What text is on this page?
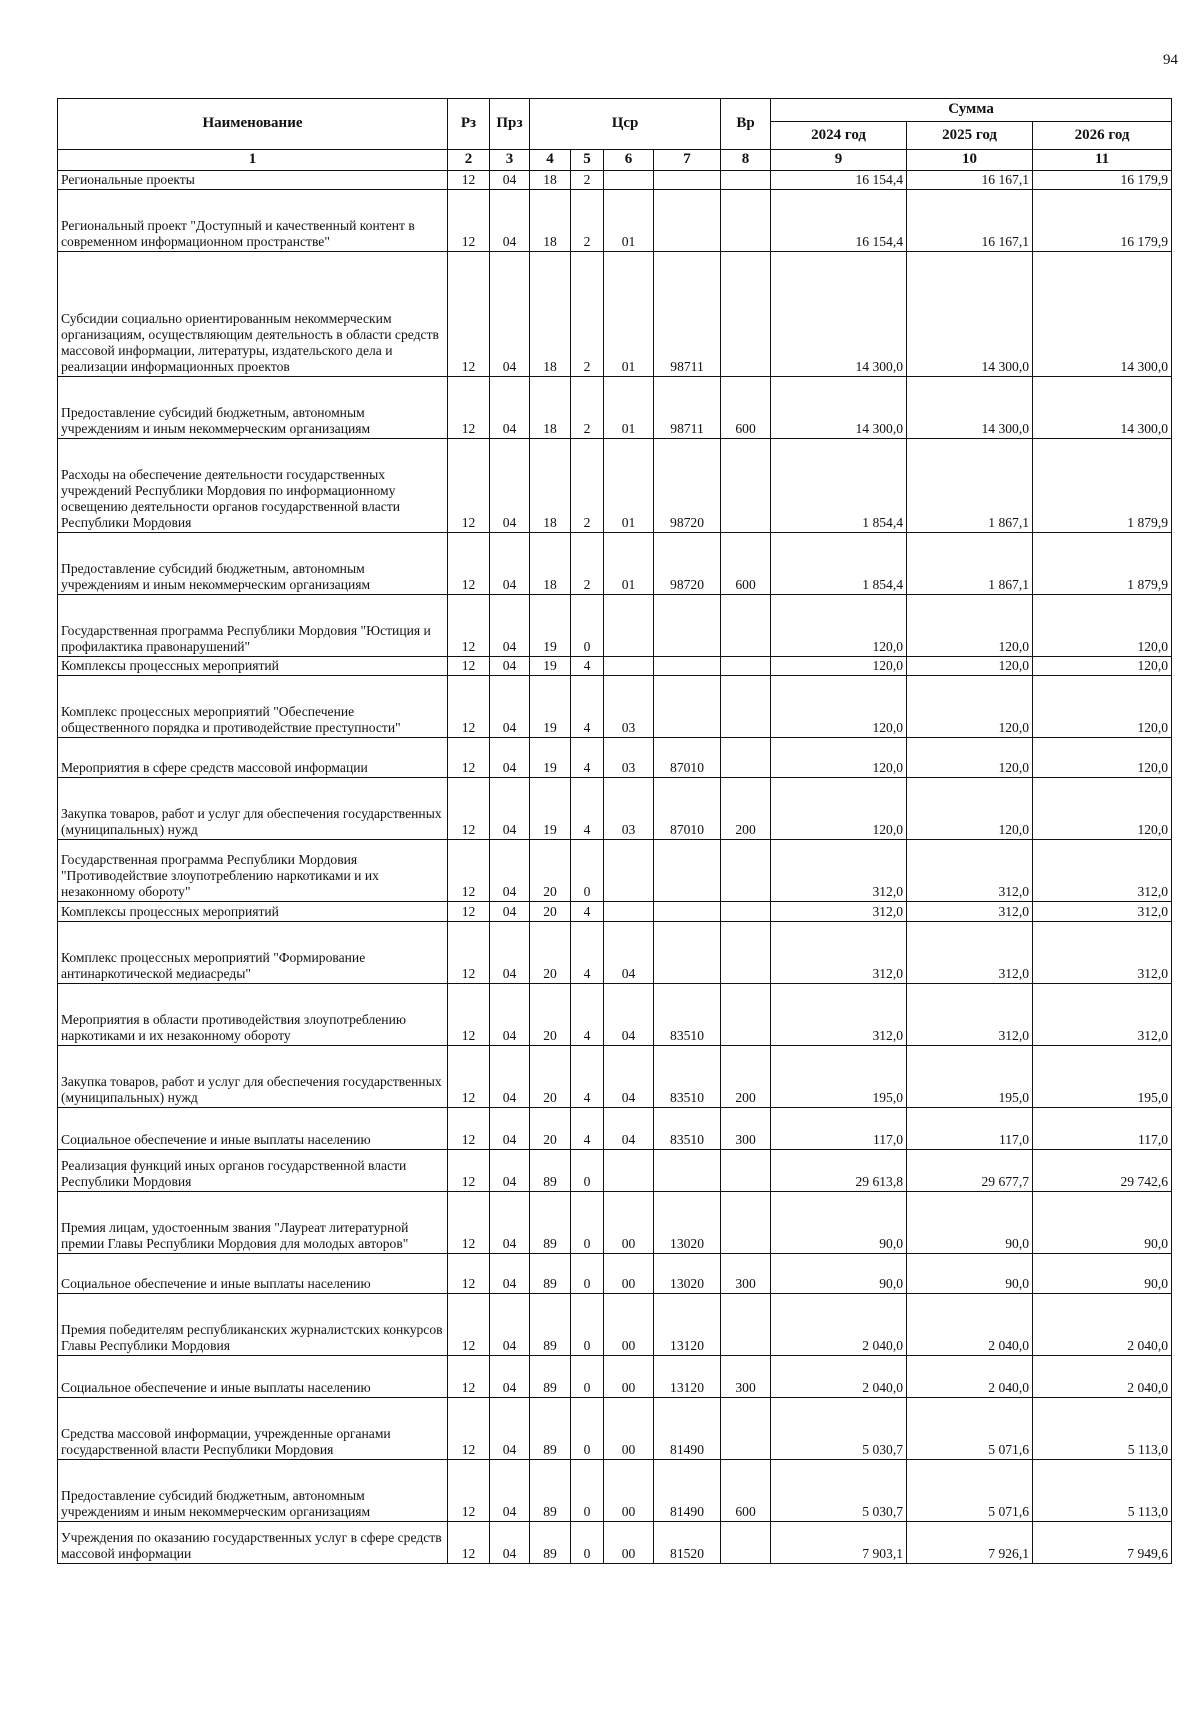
94
Наименование	Рз	Прз	Цср				Вр	Сумма		
								2024 год	2025 год	2026 год
1	2	3	4	5	6	7	8	9	10	11
Региональные проекты	12	04	18	2				16 154,4	16 167,1	16 179,9
Региональный проект "Доступный и качественный контент в современном информационном пространстве"	12	04	18	2	01			16 154,4	16 167,1	16 179,9
Субсидии социально ориентированным некоммерческим организациям, осуществляющим деятельность в области средств массовой информации, литературы, издательского дела и реализации информационных проектов	12	04	18	2	01	98711		14 300,0	14 300,0	14 300,0
Предоставление субсидий бюджетным, автономным учреждениям и иным некоммерческим организациям	12	04	18	2	01	98711	600	14 300,0	14 300,0	14 300,0
Расходы на обеспечение деятельности государственных учреждений Республики Мордовия по информационному освещению деятельности органов государственной власти Республики Мордовия	12	04	18	2	01	98720		1 854,4	1 867,1	1 879,9
Предоставление субсидий бюджетным, автономным учреждениям и иным некоммерческим организациям	12	04	18	2	01	98720	600	1 854,4	1 867,1	1 879,9
Государственная программа Республики Мордовия "Юстиция и профилактика правонарушений"	12	04	19	0				120,0	120,0	120,0
Комплексы процессных мероприятий	12	04	19	4				120,0	120,0	120,0
Комплекс процессных мероприятий "Обеспечение общественного порядка и противодействие преступности"	12	04	19	4	03			120,0	120,0	120,0
Мероприятия в сфере средств массовой информации	12	04	19	4	03	87010		120,0	120,0	120,0
Закупка товаров, работ и услуг для обеспечения государственных (муниципальных) нужд	12	04	19	4	03	87010	200	120,0	120,0	120,0
Государственная программа Республики Мордовия "Противодействие злоупотреблению наркотиками и их незаконному обороту"	12	04	20	0				312,0	312,0	312,0
Комплексы процессных мероприятий	12	04	20	4				312,0	312,0	312,0
Комплекс процессных мероприятий "Формирование антинаркотической медиасреды"	12	04	20	4	04			312,0	312,0	312,0
Мероприятия в области противодействия злоупотреблению наркотиками и их незаконному обороту	12	04	20	4	04	83510		312,0	312,0	312,0
Закупка товаров, работ и услуг для обеспечения государственных (муниципальных) нужд	12	04	20	4	04	83510	200	195,0	195,0	195,0
Социальное обеспечение и иные выплаты населению	12	04	20	4	04	83510	300	117,0	117,0	117,0
Реализация функций иных органов государственной власти Республики Мордовия	12	04	89	0				29 613,8	29 677,7	29 742,6
Премия лицам, удостоенным звания "Лауреат литературной премии Главы Республики Мордовия для молодых авторов"	12	04	89	0	00	13020		90,0	90,0	90,0
Социальное обеспечение и иные выплаты населению	12	04	89	0	00	13020	300	90,0	90,0	90,0
Премия победителям республиканских журналистских конкурсов Главы Республики Мордовия	12	04	89	0	00	13120		2 040,0	2 040,0	2 040,0
Социальное обеспечение и иные выплаты населению	12	04	89	0	00	13120	300	2 040,0	2 040,0	2 040,0
Средства массовой информации, учрежденные органами государственной власти Республики Мордовия	12	04	89	0	00	81490		5 030,7	5 071,6	5 113,0
Предоставление субсидий бюджетным, автономным учреждениям и иным некоммерческим организациям	12	04	89	0	00	81490	600	5 030,7	5 071,6	5 113,0
Учреждения по оказанию государственных услуг в сфере средств массовой информации	12	04	89	0	00	81520		7 903,1	7 926,1	7 949,6
